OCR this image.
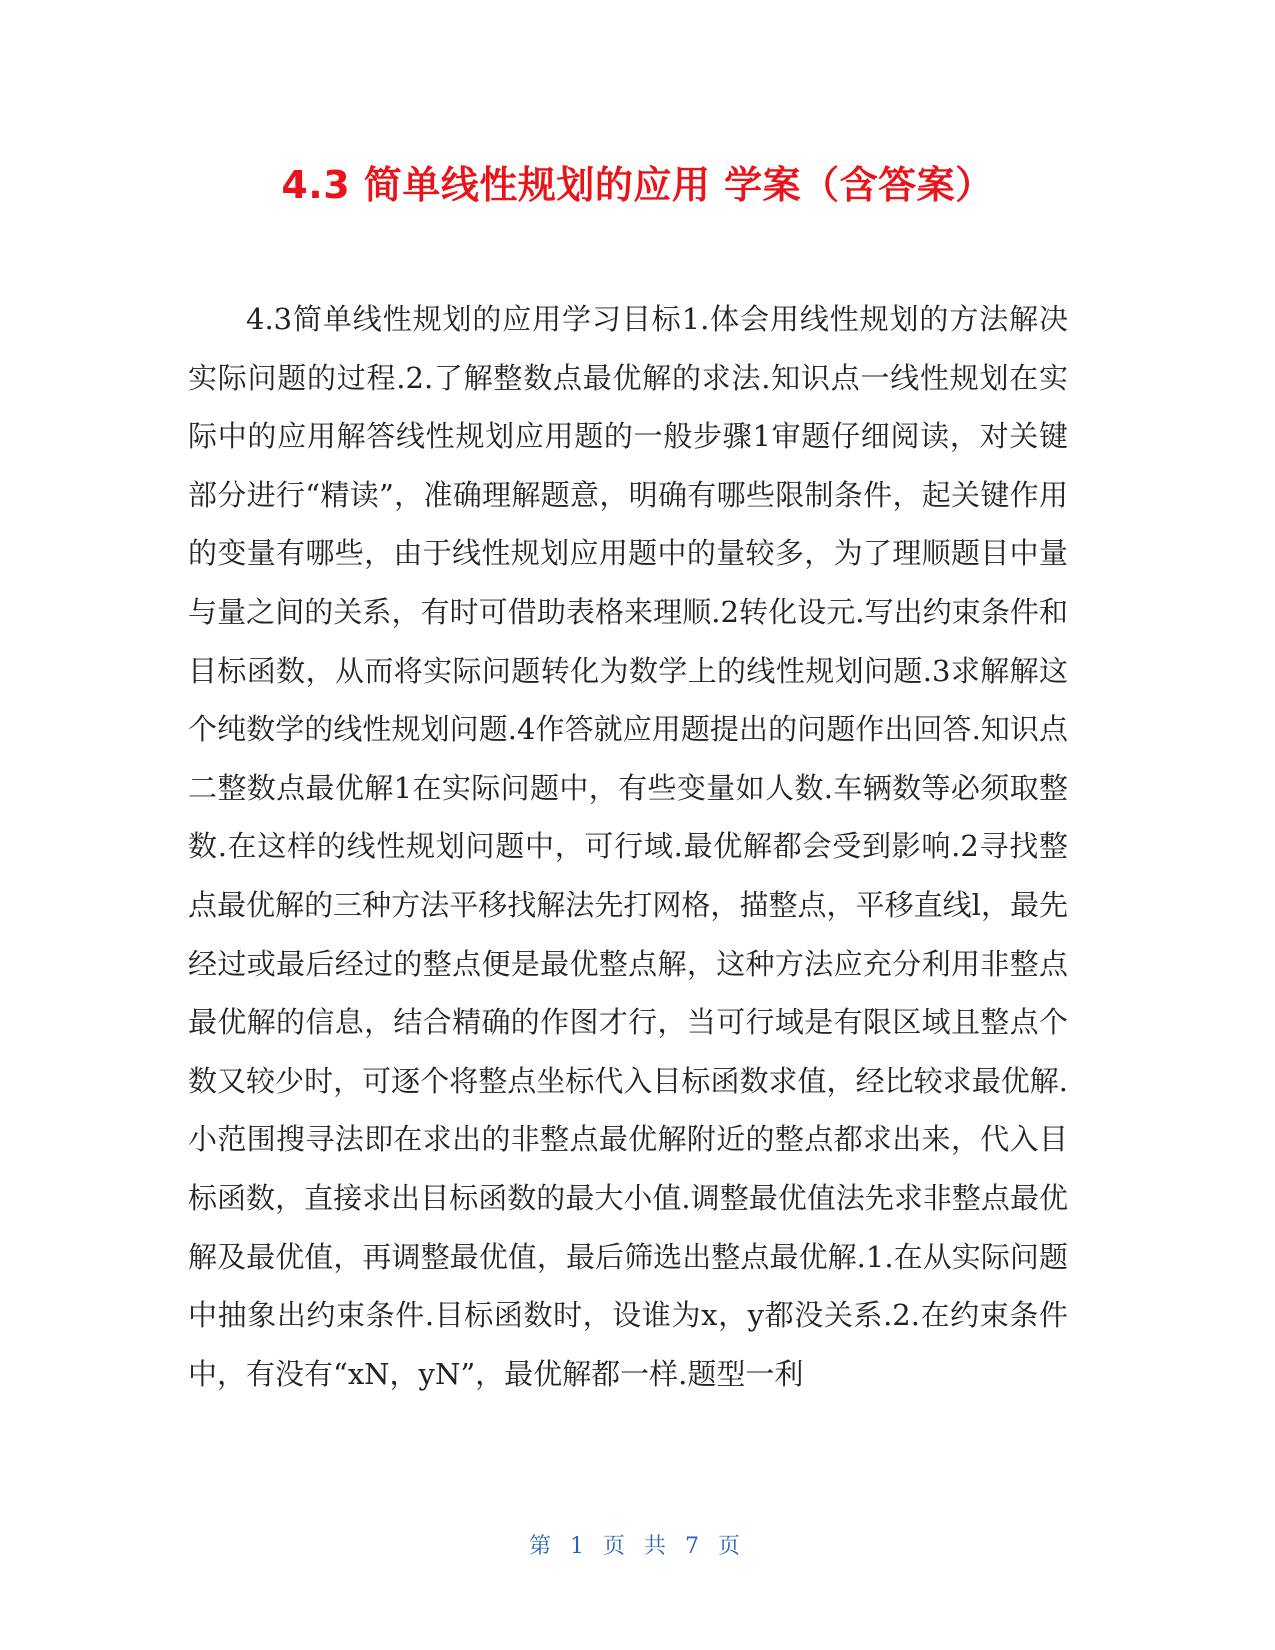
4.3 简单线性规划的应用 学案（含答案）

4.3简单线性规划的应用学习目标1.体会用线性规划的方法解决实际问题的过程.2.了解整数点最优解的求法.知识点一线性规划在实际中的应用解答线性规划应用题的一般步骤1审题仔细阅读，对关键部分进行“精读”，准确理解题意，明确有哪些限制条件，起关键作用的变量有哪些，由于线性规划应用题中的量较多，为了理顺题目中量与量之间的关系，有时可借助表格来理顺.2转化设元.写出约束条件和目标函数，从而将实际问题转化为数学上的线性规划问题.3求解解这个纯数学的线性规划问题.4作答就应用题提出的问题作出回答.知识点二整数点最优解1在实际问题中，有些变量如人数.车辆数等必须取整数.在这样的线性规划问题中，可行域.最优解都会受到影响.2寻找整点最优解的三种方法平移找解法先打网格，描整点，平移直线l，最先经过或最后经过的整点便是最优整点解，这种方法应充分利用非整点最优解的信息，结合精确的作图才行，当可行域是有限区域且整点个数又较少时，可逐个将整点坐标代入目标函数求值，经比较求最优解.小范围搜寻法即在求出的非整点最优解附近的整点都求出来，代入目标函数，直接求出目标函数的最大小值.调整最优值法先求非整点最优解及最优值，再调整最优值，最后筛选出整点最优解.1.在从实际问题中抽象出约束条件.目标函数时，设谁为x，y都没关系.2.在约束条件中，有没有“xN，yN”，最优解都一样.题型一利

第 1 页 共 7 页
